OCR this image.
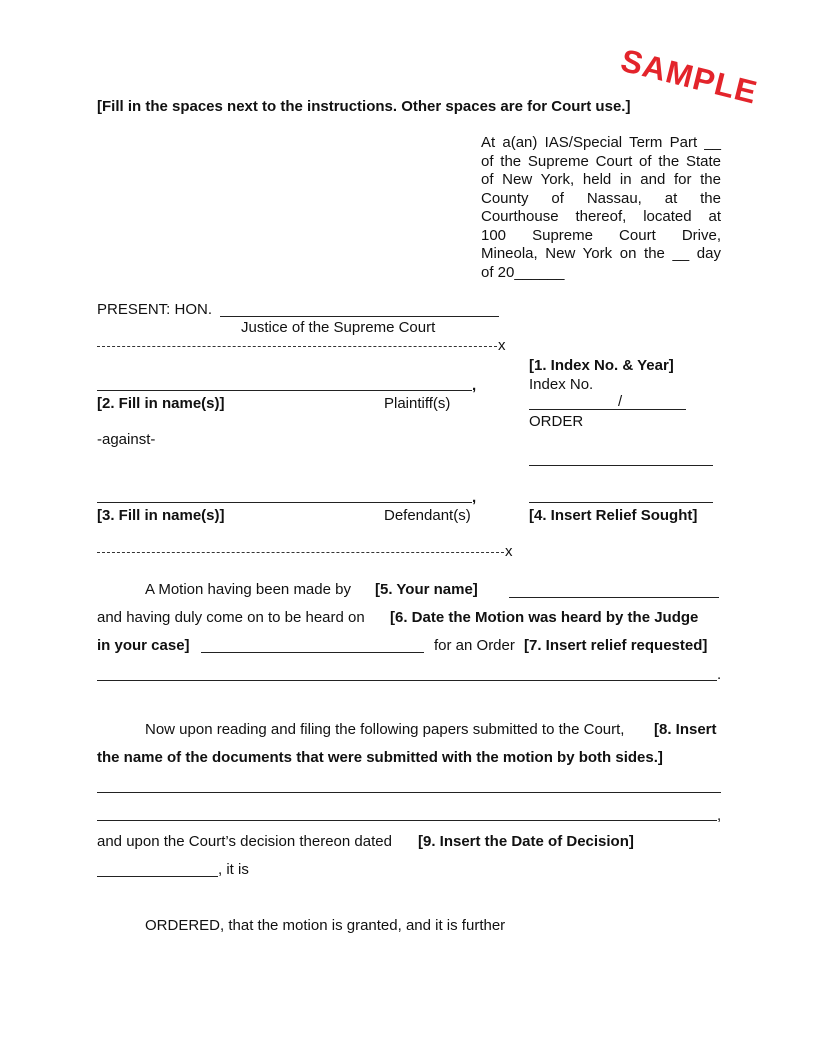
SAMPLE
[Fill in the spaces next to the instructions. Other spaces are for Court use.]
At a(an) IAS/Special Term Part __
of the Supreme Court of the State
of New York, held in and for the
County of Nassau, at the
Courthouse thereof, located at
100 Supreme Court Drive,
Mineola, New York on the __ day
of 20______
PRESENT: HON.
Justice of the Supreme Court
x
[1. Index No. & Year]
Index No.
/
ORDER
,
[2. Fill in name(s)]	Plaintiff(s)
-against-
,
[3. Fill in name(s)]	Defendant(s)	[4. Insert Relief Sought]
x
A Motion having been made by [5. Your name]
and having duly come on to be heard on [6. Date the Motion was heard by the Judge
in your case]	for an Order [7. Insert relief requested]
.
Now upon reading and filing the following papers submitted to the Court, [8. Insert
the name of the documents that were submitted with the motion by both sides.]
,
and upon the Court’s decision thereon dated [9. Insert the Date of Decision]
, it is
ORDERED, that the motion is granted, and it is further
